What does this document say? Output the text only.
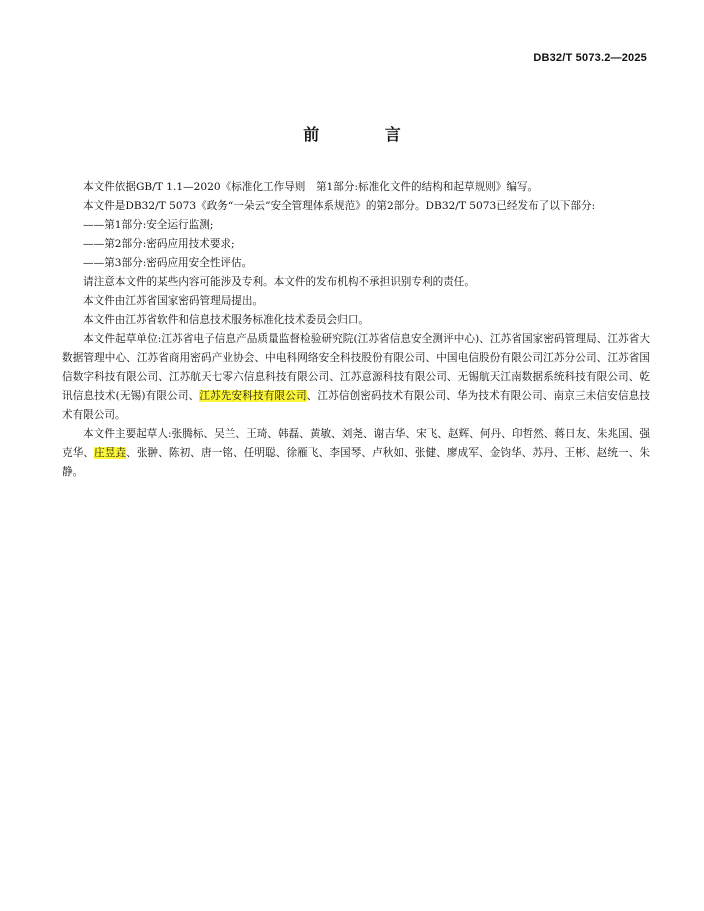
DB32/T 5073.2—2025
前 言

本文件依据GB/T 1.1—2020《标准化工作导则　第1部分:标准化文件的结构和起草规则》编写。

本文件是DB32/T 5073《政务“一朵云”安全管理体系规范》的第2部分。DB32/T 5073已经发布了以下部分:

——第1部分:安全运行监测;

——第2部分:密码应用技术要求;

——第3部分:密码应用安全性评估。

请注意本文件的某些内容可能涉及专利。本文件的发布机构不承担识别专利的责任。

本文件由江苏省国家密码管理局提出。

本文件由江苏省软件和信息技术服务标准化技术委员会归口。

本文件起草单位:江苏省电子信息产品质量监督检验研究院(江苏省信息安全测评中心)、江苏省国家密码管理局、江苏省大数据管理中心、江苏省商用密码产业协会、中电科网络安全科技股份有限公司、中国电信股份有限公司江苏分公司、江苏省国信数字科技有限公司、江苏航天七零六信息科技有限公司、江苏意源科技有限公司、无锡航天江南数据系统科技有限公司、乾讯信息技术(无锡)有限公司、江苏先安科技有限公司、江苏信创密码技术有限公司、华为技术有限公司、南京三未信安信息技术有限公司。

本文件主要起草人:张腾标、吴兰、王琦、韩磊、黄敏、刘尧、谢吉华、宋飞、赵辉、何丹、印哲然、蒋日友、朱兆国、强克华、庄昱垚、张翀、陈初、唐一铭、任明聪、徐雁飞、李国琴、卢秋如、张健、廖成军、金钧华、苏丹、王彬、赵统一、朱静。
